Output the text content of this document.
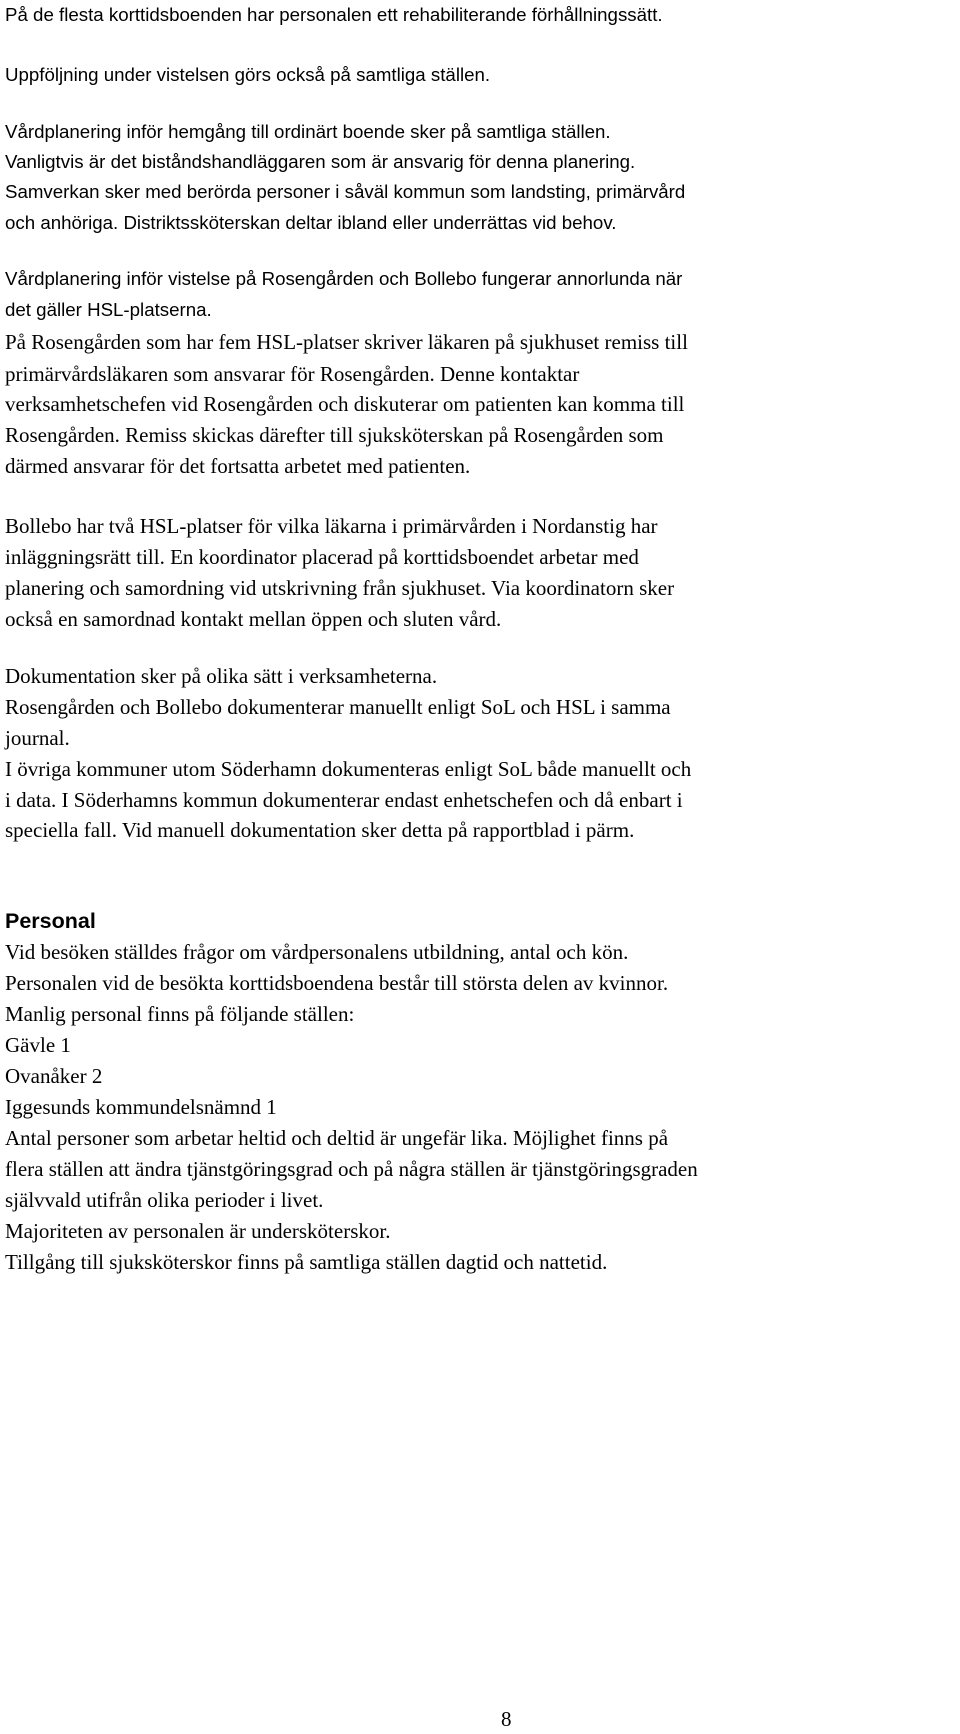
På de flesta korttidsboenden har personalen ett rehabiliterande förhållningssätt.

Uppföljning under vistelsen görs också på samtliga ställen.

Vårdplanering inför hemgång till ordinärt boende sker på samtliga ställen.

Vanligtvis är det biståndshandläggaren som är ansvarig för denna planering.

Samverkan sker med berörda personer i såväl kommun som landsting, primärvård

och anhöriga. Distriktssköterskan deltar ibland eller underrättas vid behov.

Vårdplanering inför vistelse på Rosengården och Bollebo fungerar annorlunda när

det gäller HSL-platserna.

På Rosengården som har fem HSL-platser skriver läkaren på sjukhuset remiss till

primärvårdsläkaren som ansvarar för Rosengården. Denne kontaktar

verksamhetschefen vid Rosengården och diskuterar om patienten kan komma till

Rosengården. Remiss skickas därefter till sjuksköterskan på Rosengården som

därmed ansvarar för det fortsatta arbetet med patienten.

Bollebo har två HSL-platser för vilka läkarna i primärvården i Nordanstig har

inläggningsrätt till. En koordinator placerad på korttidsboendet arbetar med

planering och samordning vid utskrivning från sjukhuset. Via koordinatorn sker

också en samordnad kontakt mellan öppen och sluten vård.

Dokumentation sker på olika sätt i verksamheterna.

Rosengården och Bollebo dokumenterar manuellt enligt SoL och HSL i samma

journal.

I övriga kommuner utom Söderhamn dokumenteras enligt SoL både manuellt och

i data. I Söderhamns kommun dokumenterar endast enhetschefen och då enbart i

speciella fall. Vid manuell dokumentation sker detta på rapportblad i pärm.

Personal

Vid besöken ställdes frågor om vårdpersonalens utbildning, antal och kön.

Personalen vid de besökta korttidsboendena består till största delen av kvinnor.

Manlig personal finns på följande ställen:

Gävle 1

Ovanåker 2

Iggesunds kommundelsnämnd 1

Antal personer som arbetar heltid och deltid är ungefär lika. Möjlighet finns på

flera ställen att ändra tjänstgöringsgrad och på några ställen är tjänstgöringsgraden

självvald utifrån olika perioder i livet.

Majoriteten av personalen är undersköterskor.

Tillgång till sjuksköterskor finns på samtliga ställen dagtid och nattetid.

8
